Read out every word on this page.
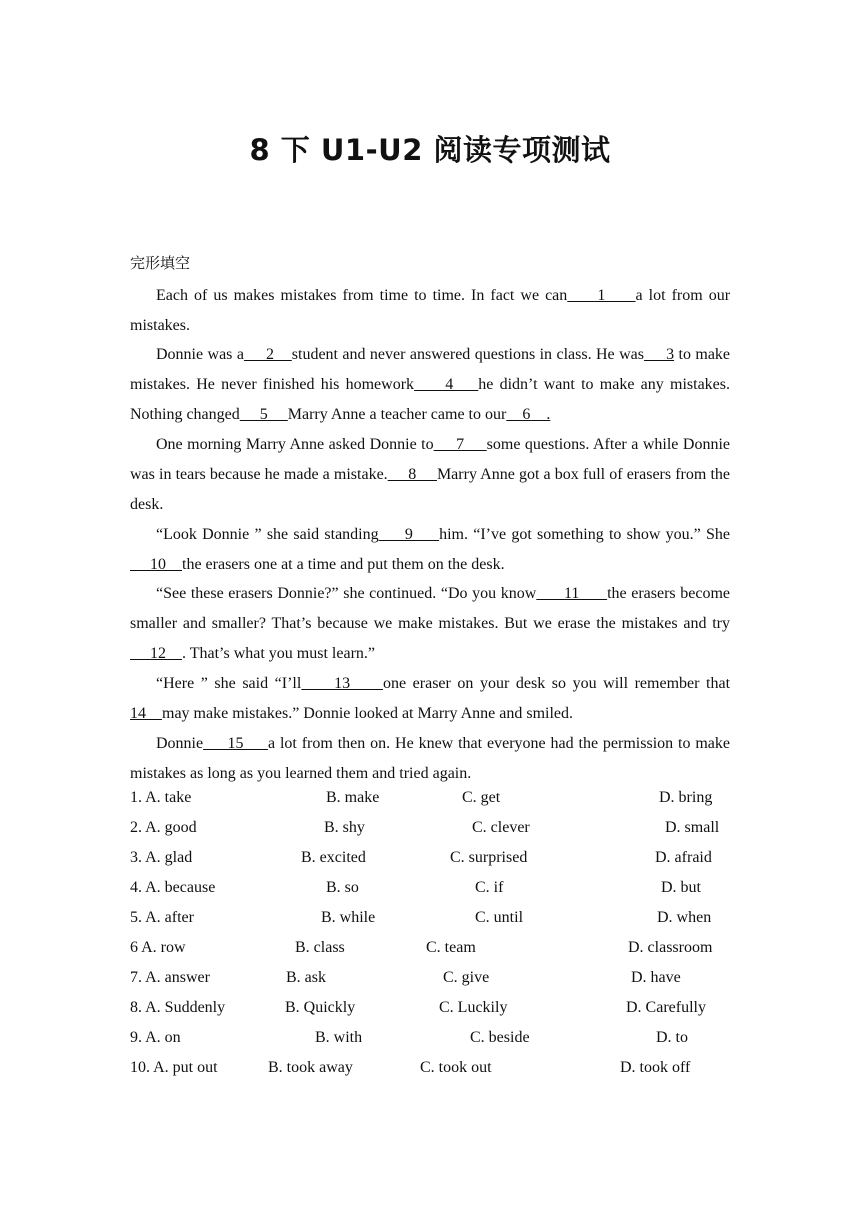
8 下 U1-U2 阅读专项测试
完形填空
Each of us makes mistakes from time to time. In fact we can     1     a lot from our mistakes.
Donnie was a     2    student and never answered questions in class. He was     3 to make mistakes. He never finished his homework     4    he didn’t want to make any mistakes. Nothing changed     5     Marry Anne a teacher came to our    6    .
One morning Marry Anne asked Donnie to     7     some questions. After a while Donnie was in tears because he made a mistake.     8     Marry Anne got a box full of erasers from the desk.
“Look Donnie ” she said standing     9     him. “I’ve got something to show you.” She     10    the erasers one at a time and put them on the desk.
“See these erasers Donnie?” she continued. “Do you know      11      the erasers become smaller and smaller? That’s because we make mistakes. But we erase the mistakes and try     12    . That’s what you must learn.”
“Here ” she said “I’ll     13     one eraser on your desk so you will remember that 14    may make mistakes.” Donnie looked at Marry Anne and smiled.
Donnie     15     a lot from then on. He knew that everyone had the permission to make mistakes as long as you learned them and tried again.
1. A. take	B. make	C. get	D. bring
2. A. good	B. shy	C. clever	D. small
3. A. glad	B. excited	C. surprised	D. afraid
4. A. because	B. so	C. if	D. but
5. A. after	B. while	C. until	D. when
6 A. row	B. class	C. team	D. classroom
7. A. answer	B. ask	C. give	D. have
8. A. Suddenly	B. Quickly	C. Luckily	D. Carefully
9. A. on	B. with	C. beside	D. to
10. A. put out	B. took away	C. took out	D. took off
